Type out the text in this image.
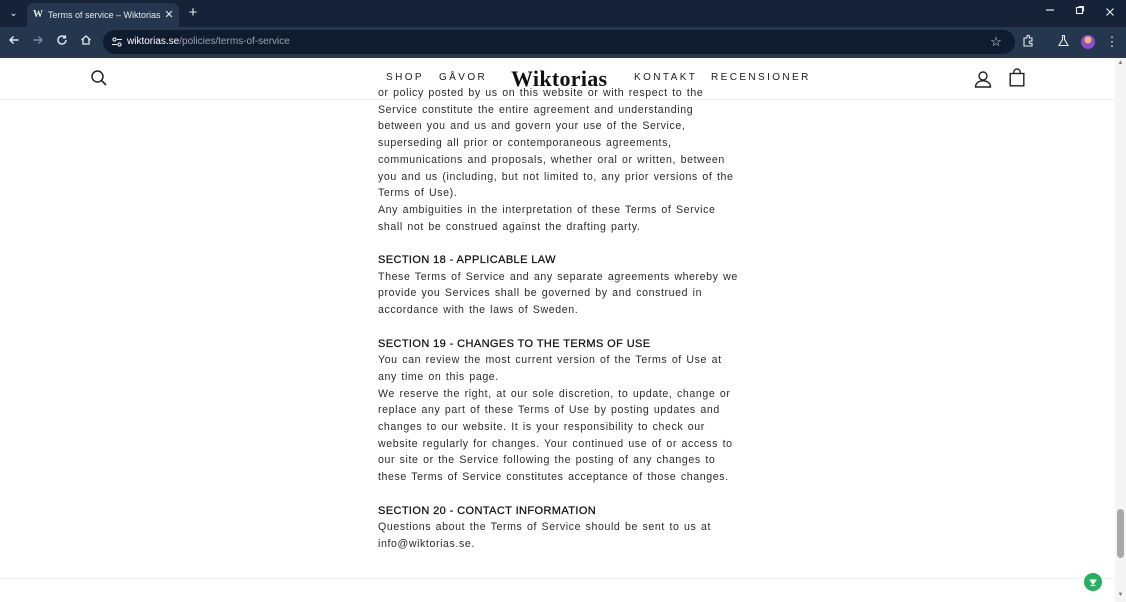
⌄	W Terms of service – Wiktorias ✕ +
wiktorias.se/policies/terms-of-service	☆	⋮
SHOP GÅVOR Wiktorias	KONTAKT RECENSIONER

or policy posted by us on this website or with respect to the Service constitute the entire agreement and understanding between you and us and govern your use of the Service, superseding all prior or contemporaneous agreements, communications and proposals, whether oral or written, between you and us (including, but not limited to, any prior versions of the Terms of Use).

Any ambiguities in the interpretation of these Terms of Service shall not be construed against the drafting party.

SECTION 18 - APPLICABLE LAW

These Terms of Service and any separate agreements whereby we provide you Services shall be governed by and construed in accordance with the laws of Sweden.

SECTION 19 - CHANGES TO THE TERMS OF USE

You can review the most current version of the Terms of Use at any time on this page.

We reserve the right, at our sole discretion, to update, change or replace any part of these Terms of Use by posting updates and changes to our website. It is your responsibility to check our website regularly for changes. Your continued use of or access to our site or the Service following the posting of any changes to these Terms of Service constitutes acceptance of those changes.

SECTION 20 - CONTACT INFORMATION

Questions about the Terms of Service should be sent to us at info@wiktorias.se.

▲
▼
